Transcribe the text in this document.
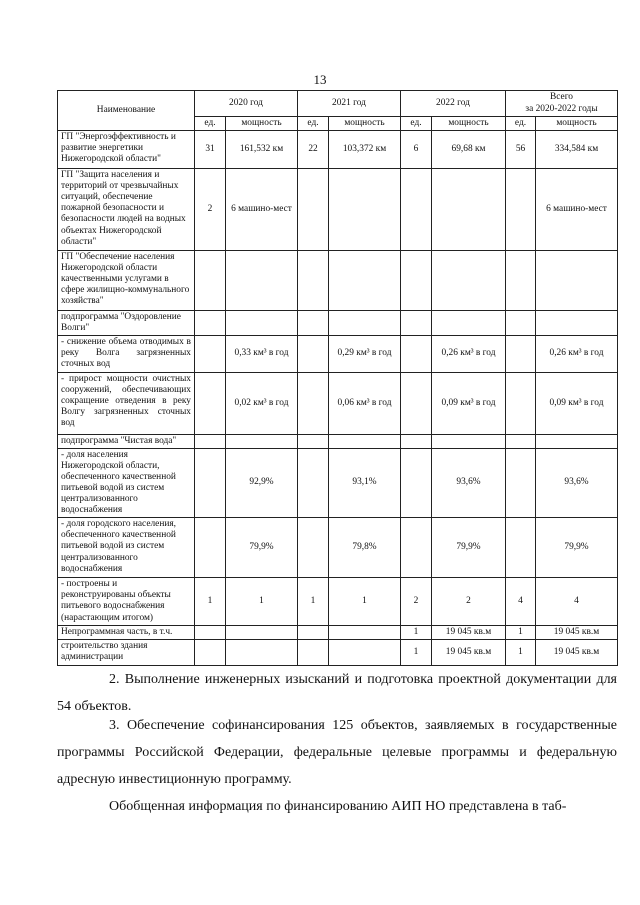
13
Наименование	2020 год		2021 год		2022 год		Всего
за 2020-2022 годы	
	ед.	мощность	ед.	мощность	ед.	мощность	ед.	мощность
ГП "Энергоэффективность и развитие энергетики Нижегородской области"	31	161,532 км	22	103,372 км	6	69,68 км	56	334,584 км
ГП "Защита населения и территорий от чрезвычайных ситуаций, обеспечение пожарной безопасности и безопасности людей на водных объектах Нижегородской области"	2	6 машино-мест						6 машино-мест
ГП "Обеспечение населения Нижегородской области качественными услугами в сфере жилищно-коммунального хозяйства"								
подпрограмма "Оздоровление Волги"								
- снижение объема отводимых в реку Волга загрязненных сточных вод		0,33 км³ в год		0,29 км³ в год		0,26 км³ в год		0,26 км³ в год
- прирост мощности очистных сооружений, обеспечивающих сокращение отведения в реку Волгу загрязненных сточных вод		0,02 км³ в год		0,06 км³ в год		0,09 км³ в год		0,09 км³ в год
подпрограмма "Чистая вода"								
- доля населения Нижегородской области, обеспеченного качественной питьевой водой из систем централизованного водоснабжения		92,9%		93,1%		93,6%		93,6%
- доля городского населения, обеспеченного качественной питьевой водой из систем централизованного водоснабжения		79,9%		79,8%		79,9%		79,9%
- построены и реконструированы объекты питьевого водоснабжения (нарастающим итогом)	1	1	1	1	2	2	4	4
Непрограммная часть, в т.ч.					1	19 045 кв.м	1	19 045 кв.м
строительство здания администрации					1	19 045 кв.м	1	19 045 кв.м
2. Выполнение инженерных изысканий и подготовка проектной документации для 54 объектов.
3. Обеспечение софинансирования 125 объектов, заявляемых в государственные программы Российской Федерации, федеральные целевые программы и федеральную адресную инвестиционную программу.
Обобщенная информация по финансированию АИП НО представлена в таб-
